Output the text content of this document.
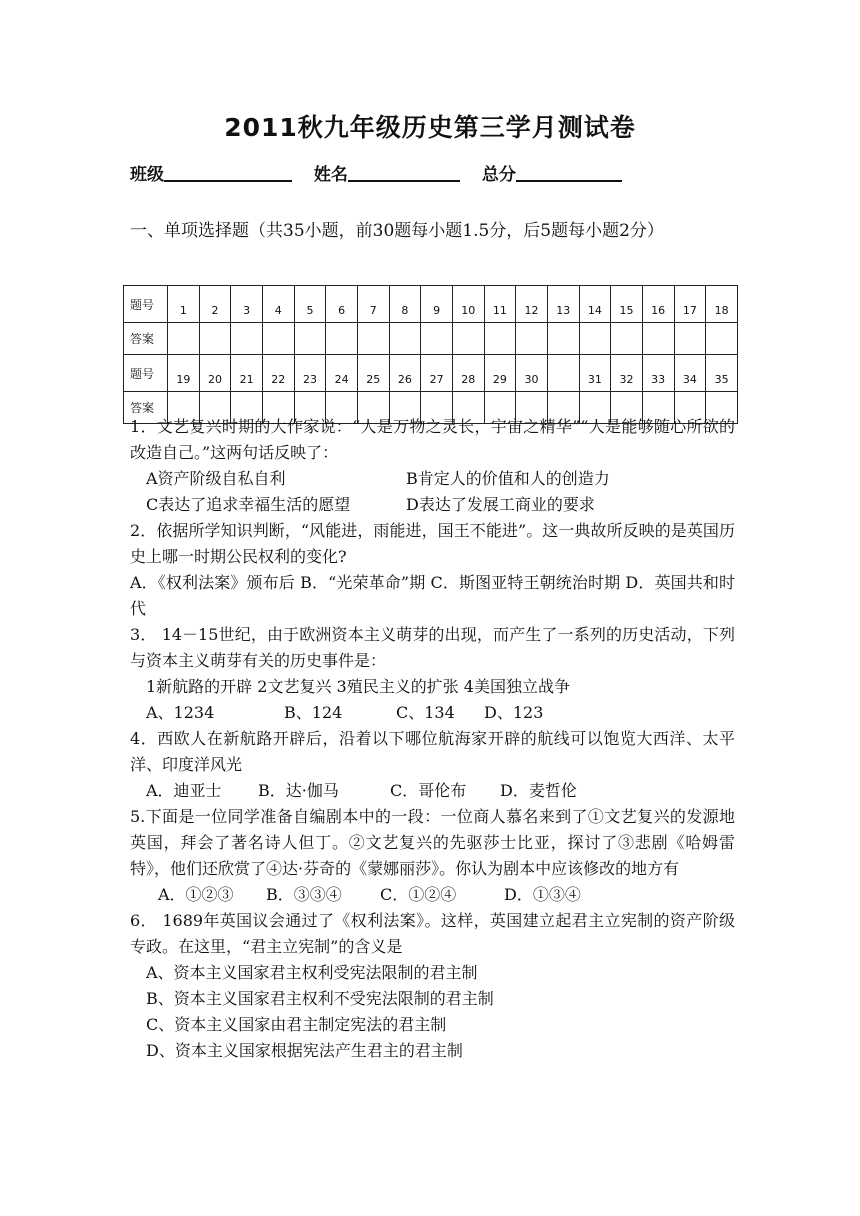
2011秋九年级历史第三学月测试卷
班级	姓名	总分
一、单项选择题（共35小题，前30题每小题1.5分，后5题每小题2分）
题号	1	2	3	4	5	6	7	8	9	10	11	12	13	14	15	16	17	18
答案																		
题号	19	20	21	22	23	24	25	26	27	28	29	30		31	32	33	34	35
答案																		

1．文艺复兴时期的大作家说：“人是万物之灵长，宇宙之精华”“人是能够随心所欲的改造自己。”这两句话反映了：

A资产阶级自私自利	B肯定人的价值和人的创造力

C表达了追求幸福生活的愿望	D表达了发展工商业的要求

2．依据所学知识判断，“风能进，雨能进，国王不能进”。这一典故所反映的是英国历史上哪一时期公民权利的变化?

A．《权利法案》颁布后 B．“光荣革命”期 C．斯图亚特王朝统治时期 D．英国共和时代

3． 14－15世纪，由于欧洲资本主义萌芽的出现，而产生了一系列的历史活动，下列与资本主义萌芽有关的历史事件是：

1新航路的开辟 2文艺复兴 3殖民主义的扩张 4美国独立战争

A、1234	B、124	C、134 D、123

4．西欧人在新航路开辟后，沿着以下哪位航海家开辟的航线可以饱览大西洋、太平洋、印度洋风光

A．迪亚士 B．达·伽马	C．哥伦布 D．麦哲伦

5.下面是一位同学准备自编剧本中的一段：一位商人慕名来到了①文艺复兴的发源地英国，拜会了著名诗人但丁。②文艺复兴的先驱莎士比亚，探讨了③悲剧《哈姆雷特》，他们还欣赏了④达·芬奇的《蒙娜丽莎》。你认为剧本中应该修改的地方有

A．①②③ B．③③④ C．①②④	D．①③④

6． 1689年英国议会通过了《权利法案》。这样，英国建立起君主立宪制的资产阶级专政。在这里，“君主立宪制”的含义是

A、资本主义国家君主权利受宪法限制的君主制

B、资本主义国家君主权利不受宪法限制的君主制

C、资本主义国家由君主制定宪法的君主制

D、资本主义国家根据宪法产生君主的君主制
